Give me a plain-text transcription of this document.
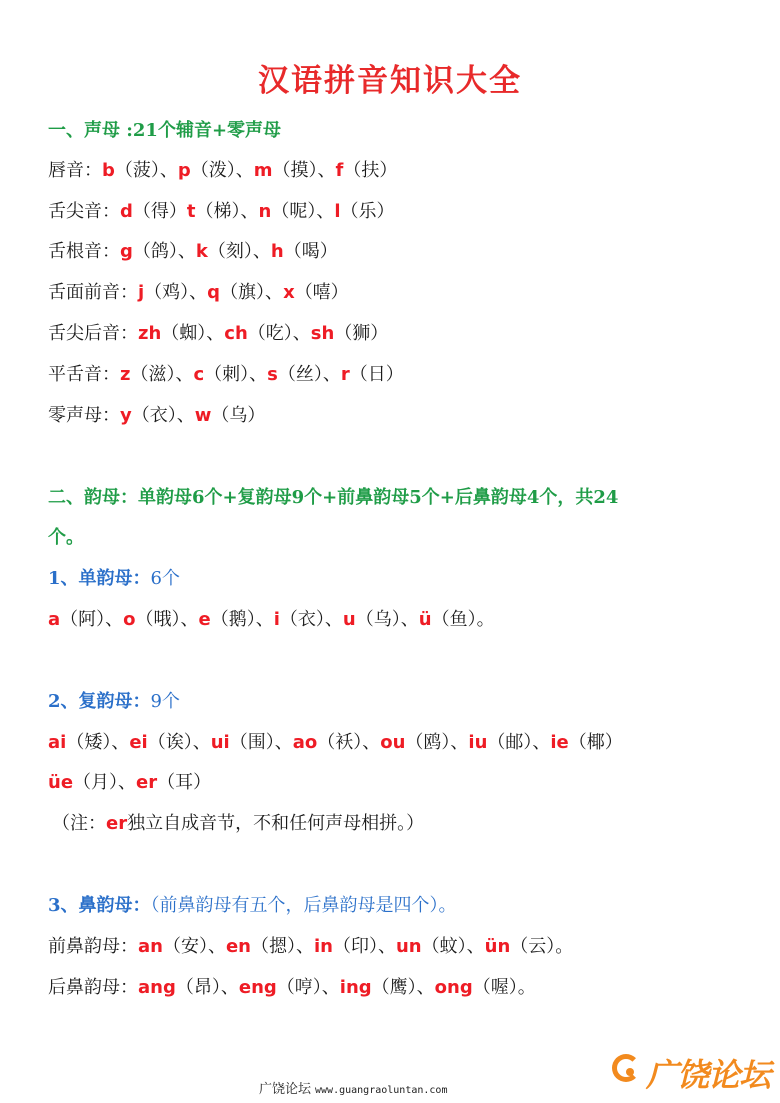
汉语拼音知识大全
一、声母 :21个辅音+零声母
唇音：b（菠）、p（泼）、m（摸）、f（扶）
舌尖音：d（得）t（梯）、n（呢）、l（乐）
舌根音：g（鸽）、k（刻）、h（喝）
舌面前音：j（鸡）、q（旗）、x（嘻）
舌尖后音：zh（蜘）、ch（吃）、sh（狮）
平舌音：z（滋）、c（刺）、s（丝）、r（日）
零声母：y（衣）、w（乌）
二、韵母：单韵母6个+复韵母9个+前鼻韵母5个+后鼻韵母4个，共24
个。
1、单韵母：6个
a（阿）、o（哦）、e（鹅）、i（衣）、u（乌）、ü（鱼）。
2、复韵母：9个
ai（矮）、ei（诶）、ui（围）、ao（袄）、ou（鸥）、iu（邮）、ie（椰）
üe（月）、er（耳）
（注：er独立自成音节，不和任何声母相拼。）
3、鼻韵母：（前鼻韵母有五个，后鼻韵母是四个）。
前鼻韵母：an（安）、en（摁）、in（印）、un（蚊）、ün（云）。
后鼻韵母：ang（昂）、eng（哼）、ing（鹰）、ong（喔）。
广饶论坛 www.guangraoluntan.com	广饶论坛
